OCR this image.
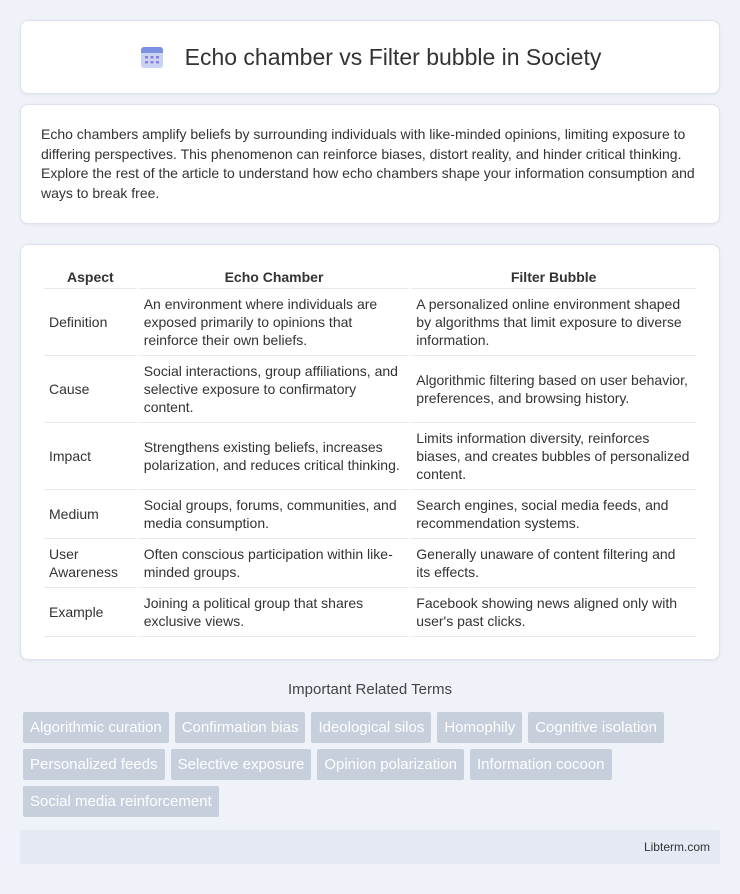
Echo chamber vs Filter bubble in Society

Echo chambers amplify beliefs by surrounding individuals with like-minded opinions, limiting exposure to differing perspectives. This phenomenon can reinforce biases, distort reality, and hinder critical thinking. Explore the rest of the article to understand how echo chambers shape your information consumption and ways to break free.

Aspect	Echo Chamber	Filter Bubble
Definition	An environment where individuals are exposed primarily to opinions that reinforce their own beliefs.	A personalized online environment shaped by algorithms that limit exposure to diverse information.
Cause	Social interactions, group affiliations, and selective exposure to confirmatory content.	Algorithmic filtering based on user behavior, preferences, and browsing history.
Impact	Strengthens existing beliefs, increases polarization, and reduces critical thinking.	Limits information diversity, reinforces biases, and creates bubbles of personalized content.
Medium	Social groups, forums, communities, and media consumption.	Search engines, social media feeds, and recommendation systems.
User Awareness	Often conscious participation within like-minded groups.	Generally unaware of content filtering and its effects.
Example	Joining a political group that shares exclusive views.	Facebook showing news aligned only with user's past clicks.
Important Related Terms
Algorithmic curation	Confirmation bias	Ideological silos	Homophily	Cognitive isolation
Personalized feeds	Selective exposure	Opinion polarization	Information cocoon
Social media reinforcement
Libterm.com
